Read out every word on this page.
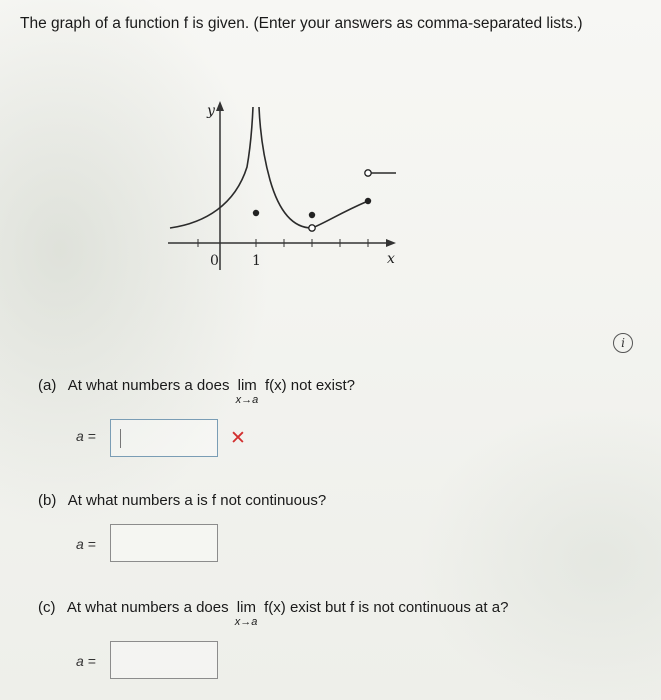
The graph of a function f is given. (Enter your answers as comma-separated lists.)
y
x
0 1
i
(a) At what numbers a does lim
x→a
f(x) not exist?
a =	✕
(b) At what numbers a is f not continuous?
a =
(c) At what numbers a does lim
x→a
f(x) exist but f is not continuous at a?
a =
